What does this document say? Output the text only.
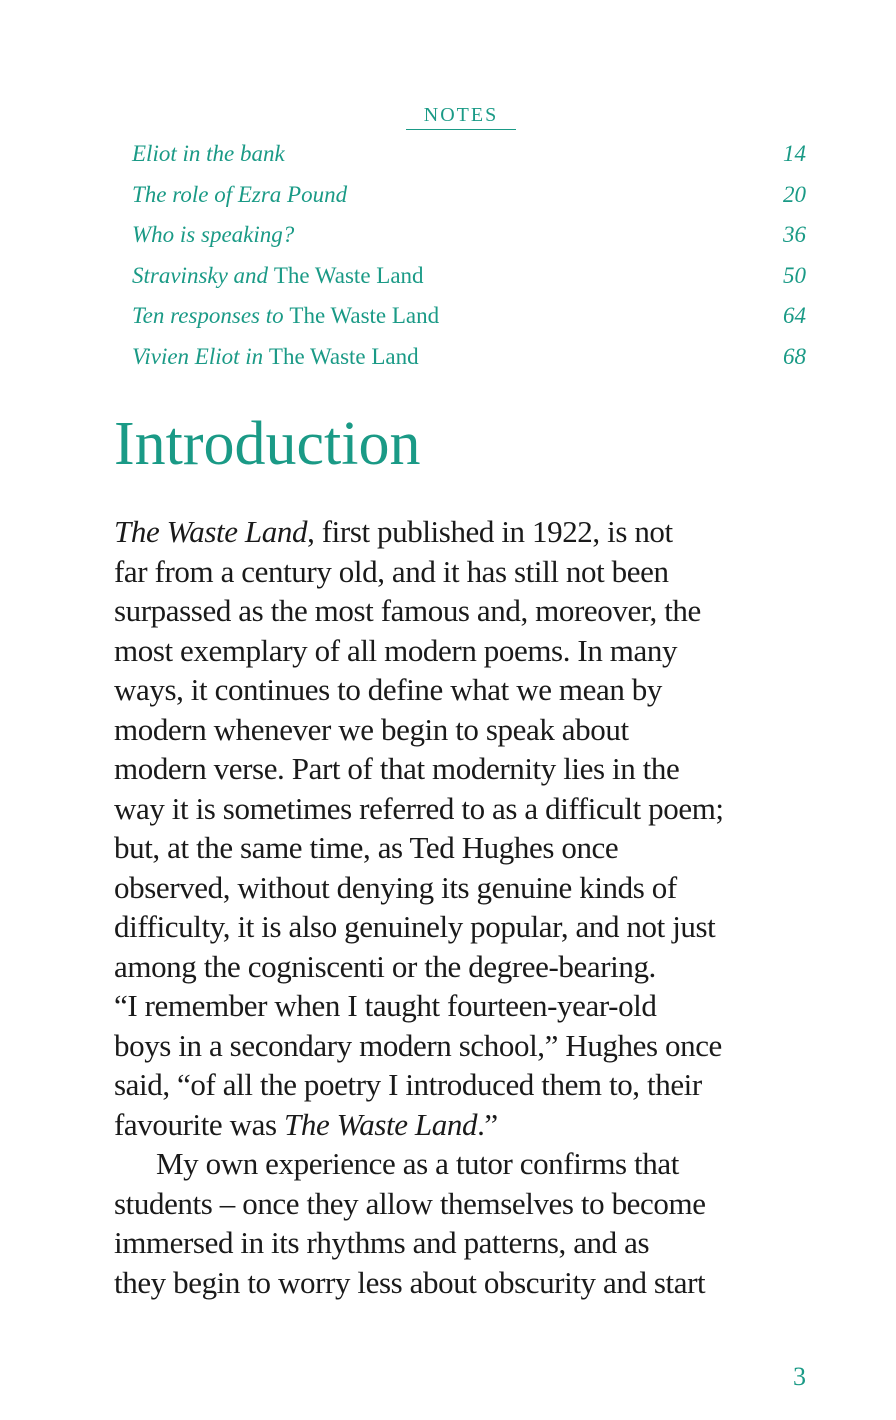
NOTES
Eliot in the bank	14
The role of Ezra Pound	20
Who is speaking?	36
Stravinsky and The Waste Land	50
Ten responses to The Waste Land	64
Vivien Eliot in The Waste Land	68
Introduction

The Waste Land, first published in 1922, is not
far from a century old, and it has still not been
surpassed as the most famous and, moreover, the
most exemplary of all modern poems. In many
ways, it continues to define what we mean by
modern whenever we begin to speak about
modern verse. Part of that modernity lies in the
way it is sometimes referred to as a difficult poem;
but, at the same time, as Ted Hughes once
observed, without denying its genuine kinds of
difficulty, it is also genuinely popular, and not just
among the cogniscenti or the degree-bearing.
“I remember when I taught fourteen-year-old
boys in a secondary modern school,” Hughes once
said, “of all the poetry I introduced them to, their
favourite was The Waste Land.”

My own experience as a tutor confirms that
students – once they allow themselves to become
immersed in its rhythms and patterns, and as
they begin to worry less about obscurity and start

3
